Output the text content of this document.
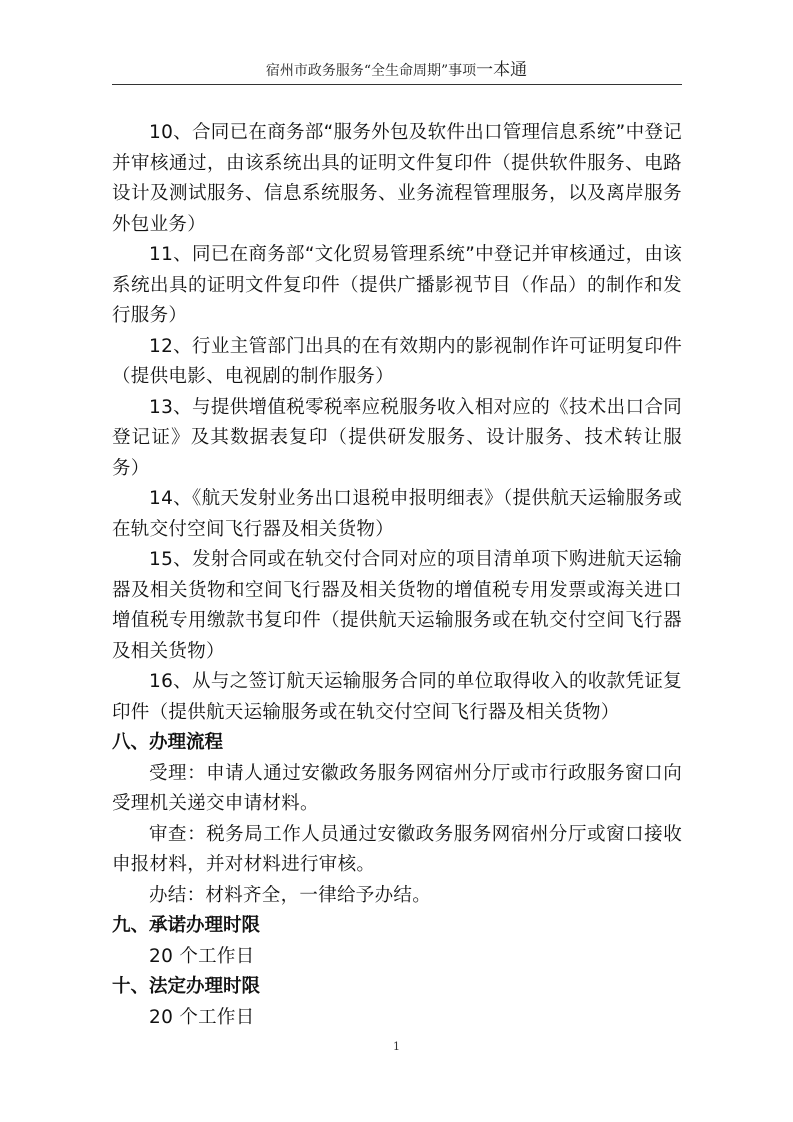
宿州市政务服务“全生命周期”事项一本通

10、合同已在商务部“服务外包及软件出口管理信息系统”中登记并审核通过，由该系统出具的证明文件复印件（提供软件服务、电路设计及测试服务、信息系统服务、业务流程管理服务，以及离岸服务外包业务）

11、同已在商务部“文化贸易管理系统”中登记并审核通过，由该系统出具的证明文件复印件（提供广播影视节目（作品）的制作和发行服务）

12、行业主管部门出具的在有效期内的影视制作许可证明复印件（提供电影、电视剧的制作服务）

13、与提供增值税零税率应税服务收入相对应的《技术出口合同登记证》及其数据表复印（提供研发服务、设计服务、技术转让服务）

14、《航天发射业务出口退税申报明细表》（提供航天运输服务或在轨交付空间飞行器及相关货物）

15、发射合同或在轨交付合同对应的项目清单项下购进航天运输器及相关货物和空间飞行器及相关货物的增值税专用发票或海关进口增值税专用缴款书复印件（提供航天运输服务或在轨交付空间飞行器及相关货物）

16、从与之签订航天运输服务合同的单位取得收入的收款凭证复印件（提供航天运输服务或在轨交付空间飞行器及相关货物）

八、办理流程

受理：申请人通过安徽政务服务网宿州分厅或市行政服务窗口向受理机关递交申请材料。

审查：税务局工作人员通过安徽政务服务网宿州分厅或窗口接收申报材料，并对材料进行审核。

办结：材料齐全，一律给予办结。

九、承诺办理时限

20 个工作日

十、法定办理时限

20 个工作日

1
